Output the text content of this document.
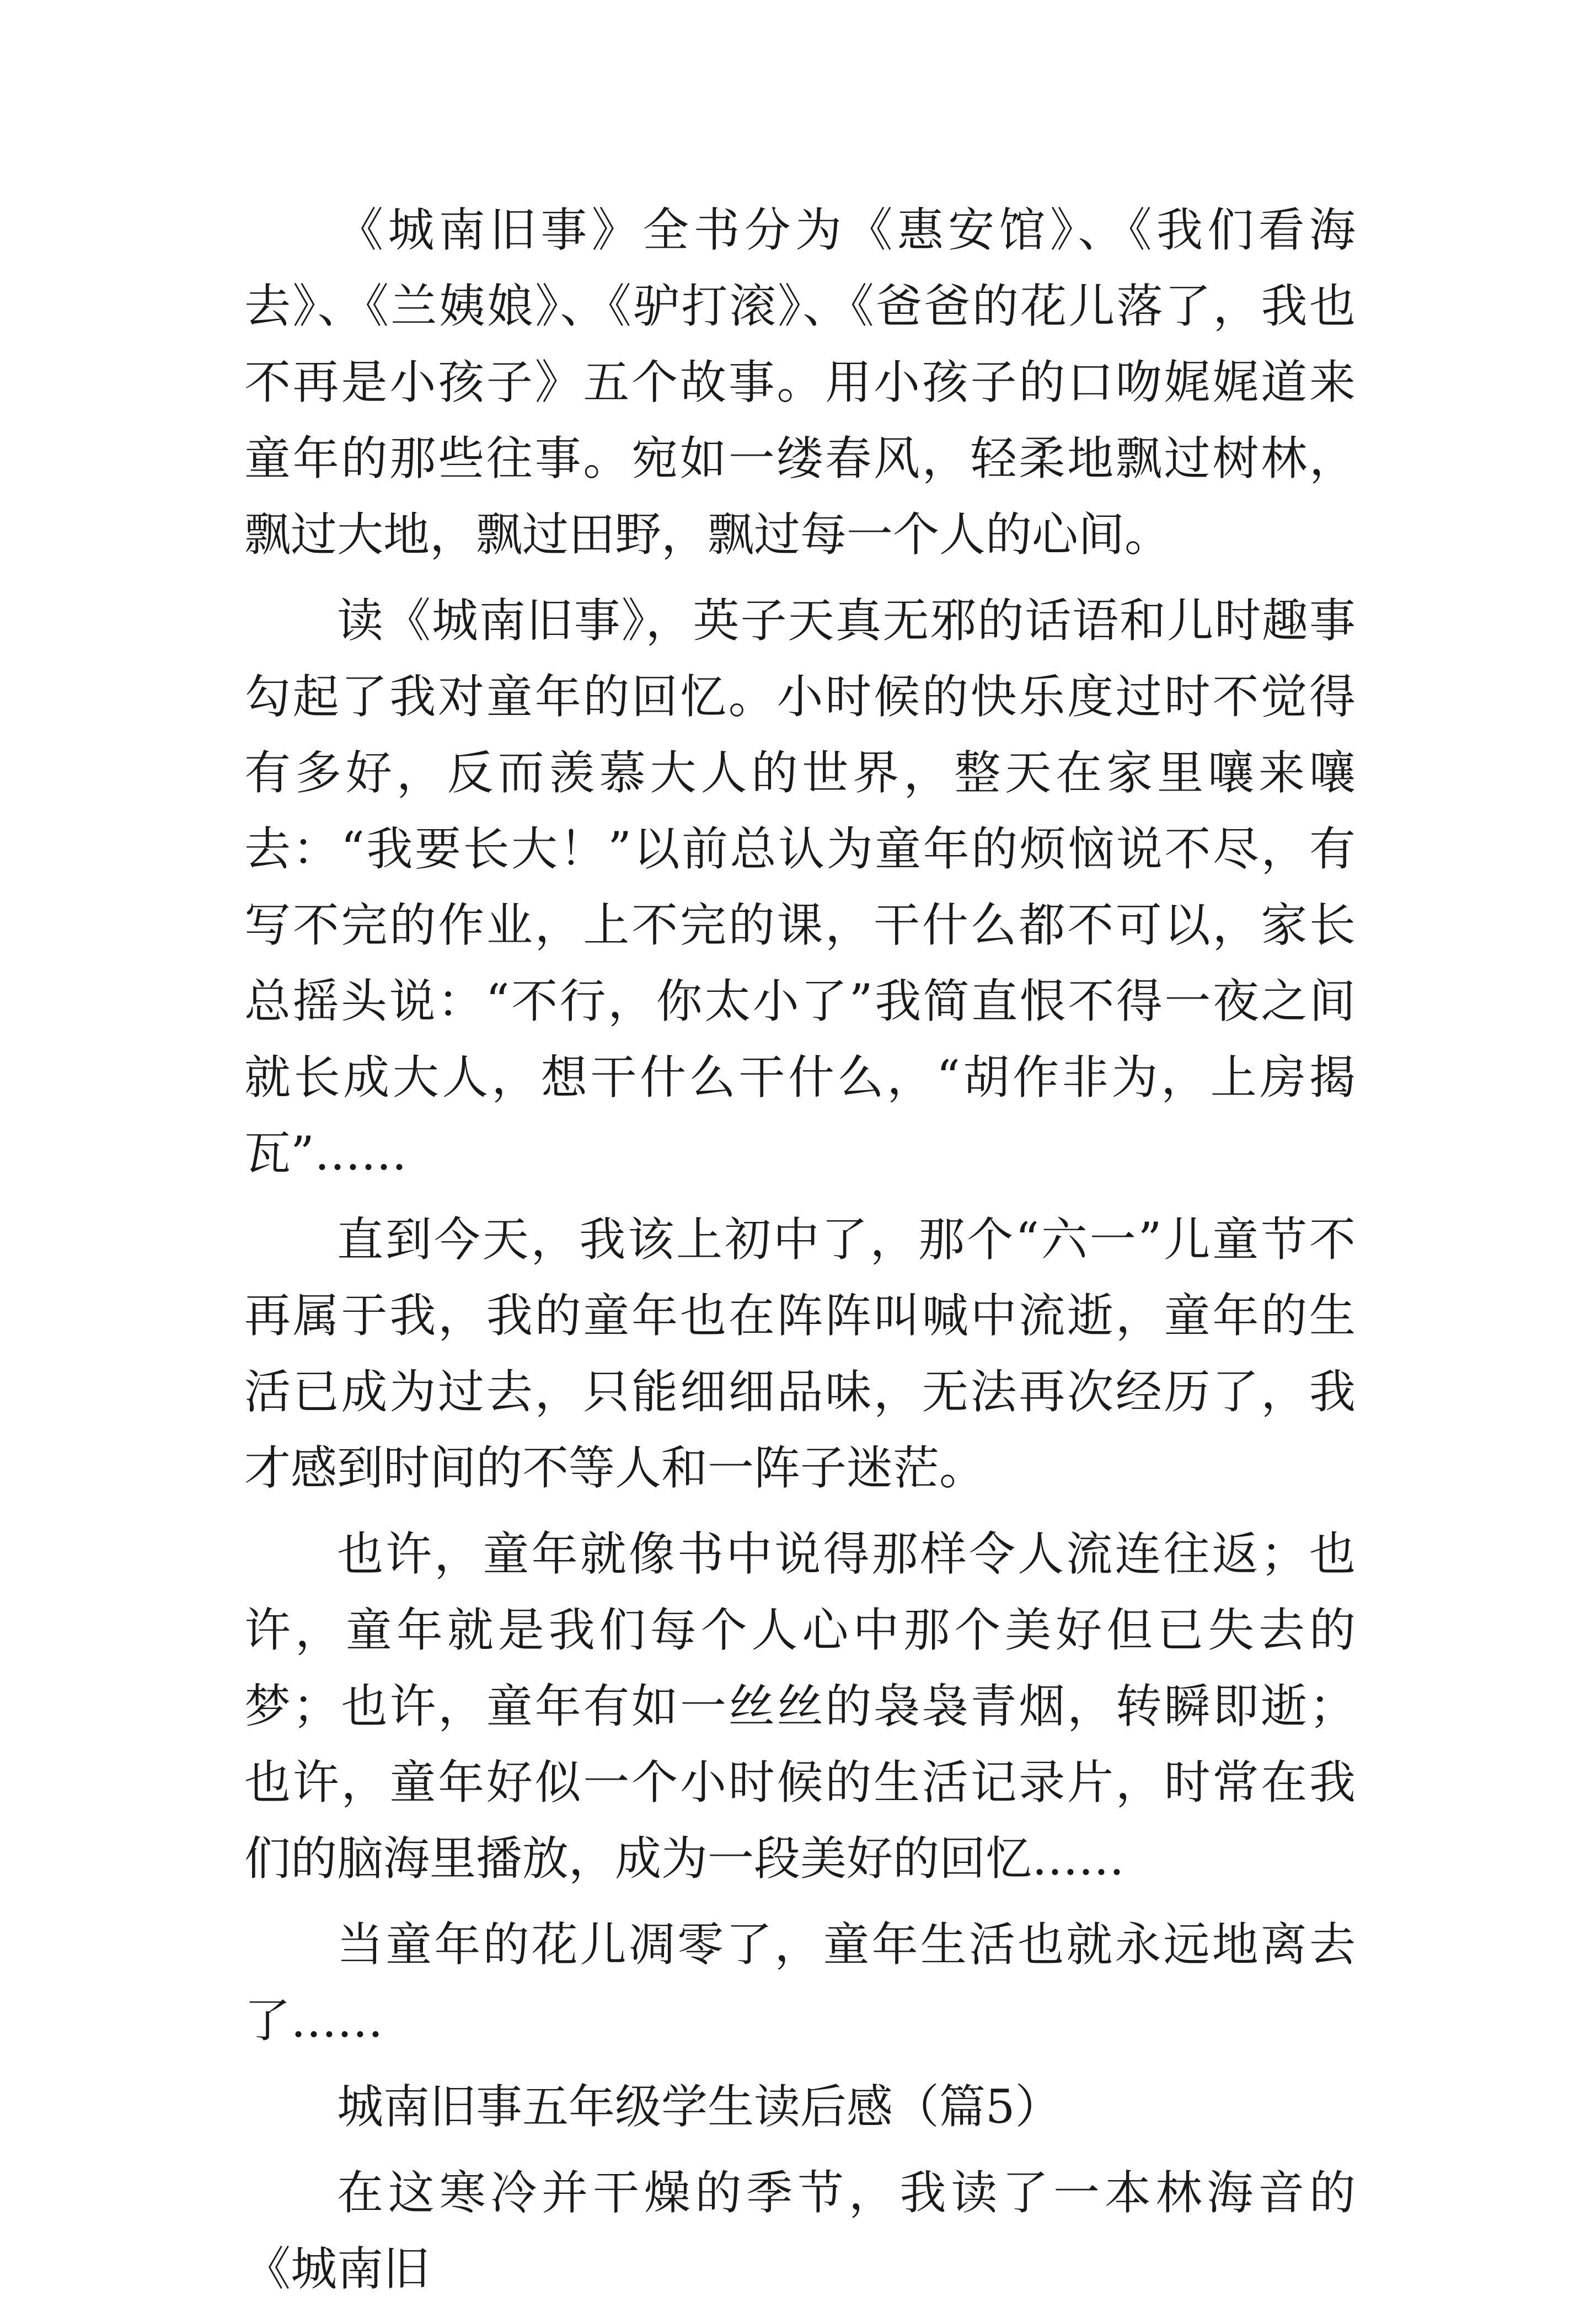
《城南旧事》全书分为《惠安馆》、《我们看海去》、《兰姨娘》、《驴打滚》、《爸爸的花儿落了，我也不再是小孩子》五个故事。用小孩子的口吻娓娓道来童年的那些往事。宛如一缕春风，轻柔地飘过树林，飘过大地，飘过田野，飘过每一个人的心间。

读《城南旧事》，英子天真无邪的话语和儿时趣事勾起了我对童年的回忆。小时候的快乐度过时不觉得有多好，反而羡慕大人的世界，整天在家里嚷来嚷去：“我要长大！”以前总认为童年的烦恼说不尽，有写不完的作业，上不完的课，干什么都不可以，家长总摇头说：“不行，你太小了”我简直恨不得一夜之间就长成大人，想干什么干什么，“胡作非为，上房揭瓦”……

直到今天，我该上初中了，那个“六一”儿童节不再属于我，我的童年也在阵阵叫喊中流逝，童年的生活已成为过去，只能细细品味，无法再次经历了，我才感到时间的不等人和一阵子迷茫。

也许，童年就像书中说得那样令人流连往返；也许，童年就是我们每个人心中那个美好但已失去的梦；也许，童年有如一丝丝的袅袅青烟，转瞬即逝；也许，童年好似一个小时候的生活记录片，时常在我们的脑海里播放，成为一段美好的回忆……

当童年的花儿凋零了，童年生活也就永远地离去了……

城南旧事五年级学生读后感（篇5）

在这寒冷并干燥的季节，我读了一本林海音的《城南旧
